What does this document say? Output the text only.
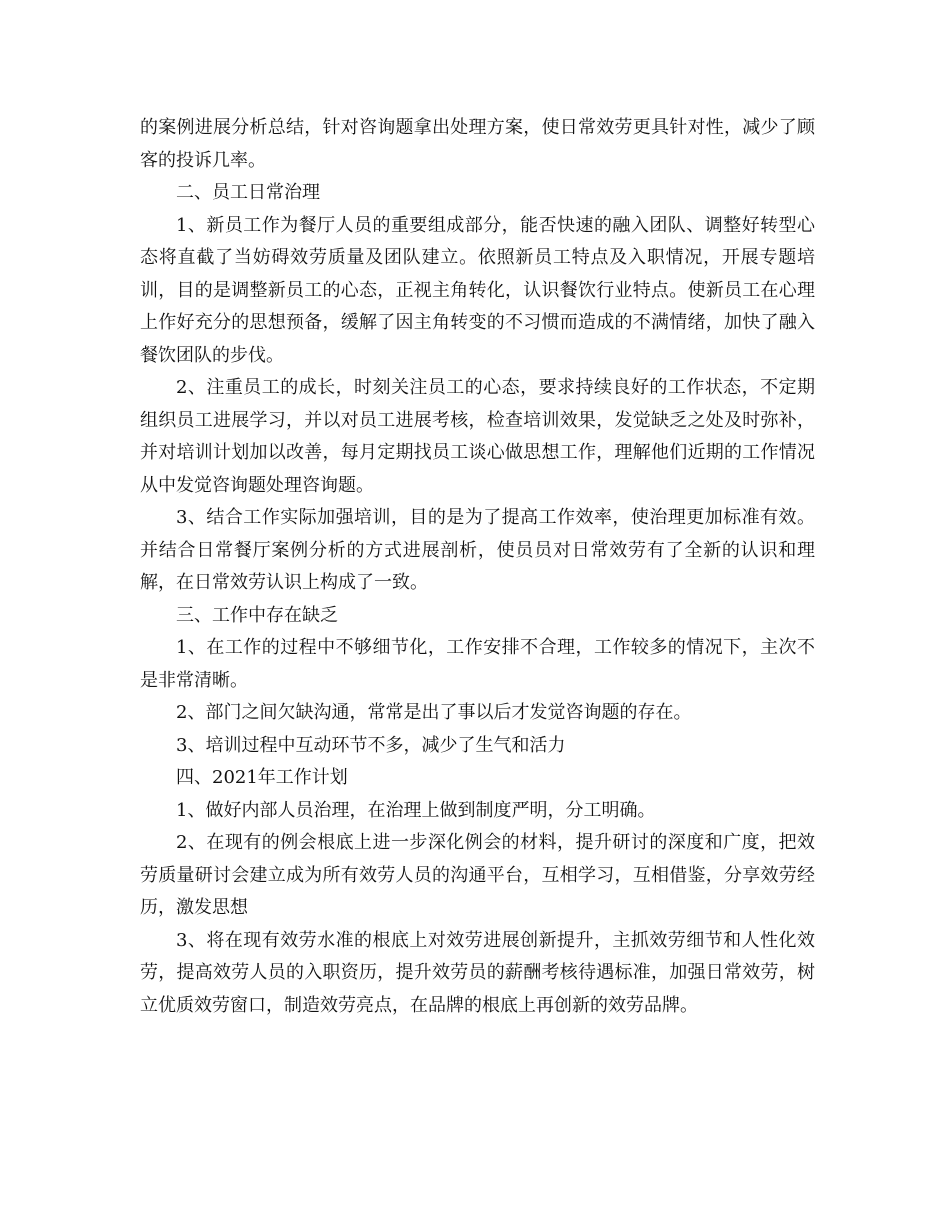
的案例进展分析总结，针对咨询题拿出处理方案，使日常效劳更具针对性，减少了顾客的投诉几率。

二、员工日常治理

1、新员工作为餐厅人员的重要组成部分，能否快速的融入团队、调整好转型心态将直截了当妨碍效劳质量及团队建立。依照新员工特点及入职情况，开展专题培训，目的是调整新员工的心态，正视主角转化，认识餐饮行业特点。使新员工在心理上作好充分的思想预备，缓解了因主角转变的不习惯而造成的不满情绪，加快了融入餐饮团队的步伐。

2、注重员工的成长，时刻关注员工的心态，要求持续良好的工作状态，不定期组织员工进展学习，并以对员工进展考核，检查培训效果，发觉缺乏之处及时弥补，并对培训计划加以改善，每月定期找员工谈心做思想工作，理解他们近期的工作情况从中发觉咨询题处理咨询题。

3、结合工作实际加强培训，目的是为了提高工作效率，使治理更加标准有效。并结合日常餐厅案例分析的方式进展剖析，使员员对日常效劳有了全新的认识和理解，在日常效劳认识上构成了一致。

三、工作中存在缺乏

1、在工作的过程中不够细节化，工作安排不合理，工作较多的情况下，主次不是非常清晰。

2、部门之间欠缺沟通，常常是出了事以后才发觉咨询题的存在。

3、培训过程中互动环节不多，减少了生气和活力

四、2021年工作计划

1、做好内部人员治理，在治理上做到制度严明，分工明确。

2、在现有的例会根底上进一步深化例会的材料，提升研讨的深度和广度，把效劳质量研讨会建立成为所有效劳人员的沟通平台，互相学习，互相借鉴，分享效劳经历，激发思想

3、将在现有效劳水准的根底上对效劳进展创新提升，主抓效劳细节和人性化效劳，提高效劳人员的入职资历，提升效劳员的薪酬考核待遇标准，加强日常效劳，树立优质效劳窗口，制造效劳亮点，在品牌的根底上再创新的效劳品牌。
